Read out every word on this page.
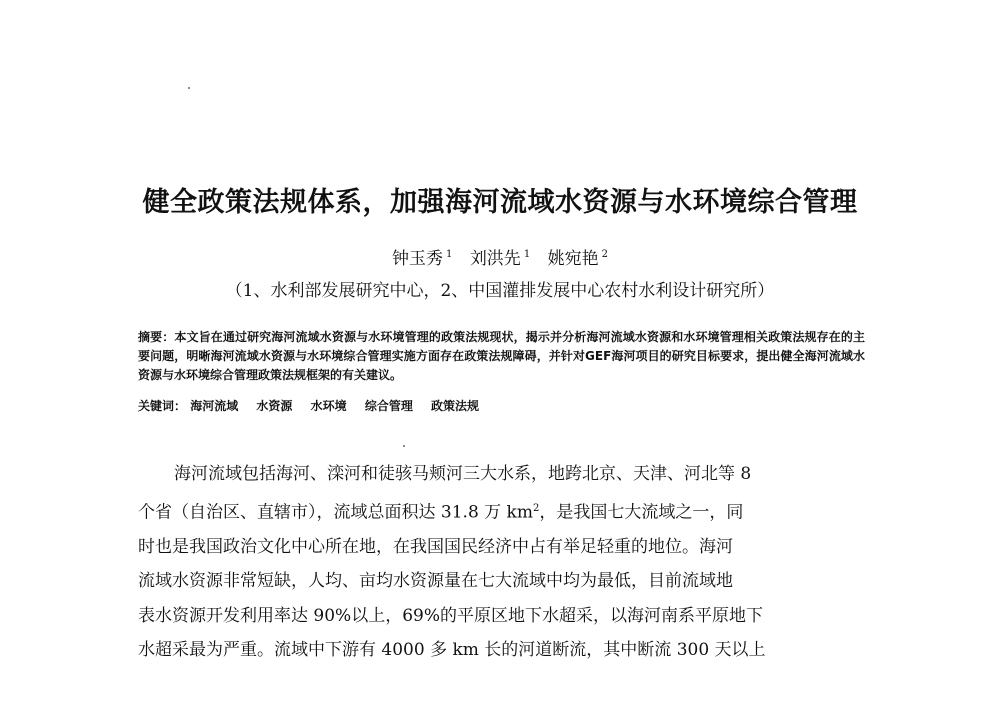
健全政策法规体系，加强海河流域水资源与水环境综合管理
钟玉秀 $^1$ 刘洪先 $^1$ 姚宛艳 $^2$
（1、水利部发展研究中心，2、中国灌排发展中心农村水利设计研究所）
摘要：本文旨在通过研究海河流域水资源与水环境管理的政策法规现状，揭示并分析海河流域水资源和水环境管理相关政策法规存在的主要问题，明晰海河流域水资源与水环境综合管理实施方面存在政策法规障碍，并针对GEF海河项目的研究目标要求，提出健全海河流域水资源与水环境综合管理政策法规框架的有关建议。
关键词： 海河流域 水资源 水环境 综合管理 政策法规
海河流域包括海河、滦河和徒骇马颊河三大水系，地跨北京、天津、河北等 8
个省（自治区、直辖市），流域总面积达 31.8 万 $km^2$，是我国七大流域之一，同
时也是我国政治文化中心所在地，在我国国民经济中占有举足轻重的地位。海河
流域水资源非常短缺，人均、亩均水资源量在七大流域中均为最低，目前流域地
表水资源开发利用率达 90%以上，69%的平原区地下水超采，以海河南系平原地下
水超采最为严重。流域中下游有 4000 多 km 长的河道断流，其中断流 300 天以上
